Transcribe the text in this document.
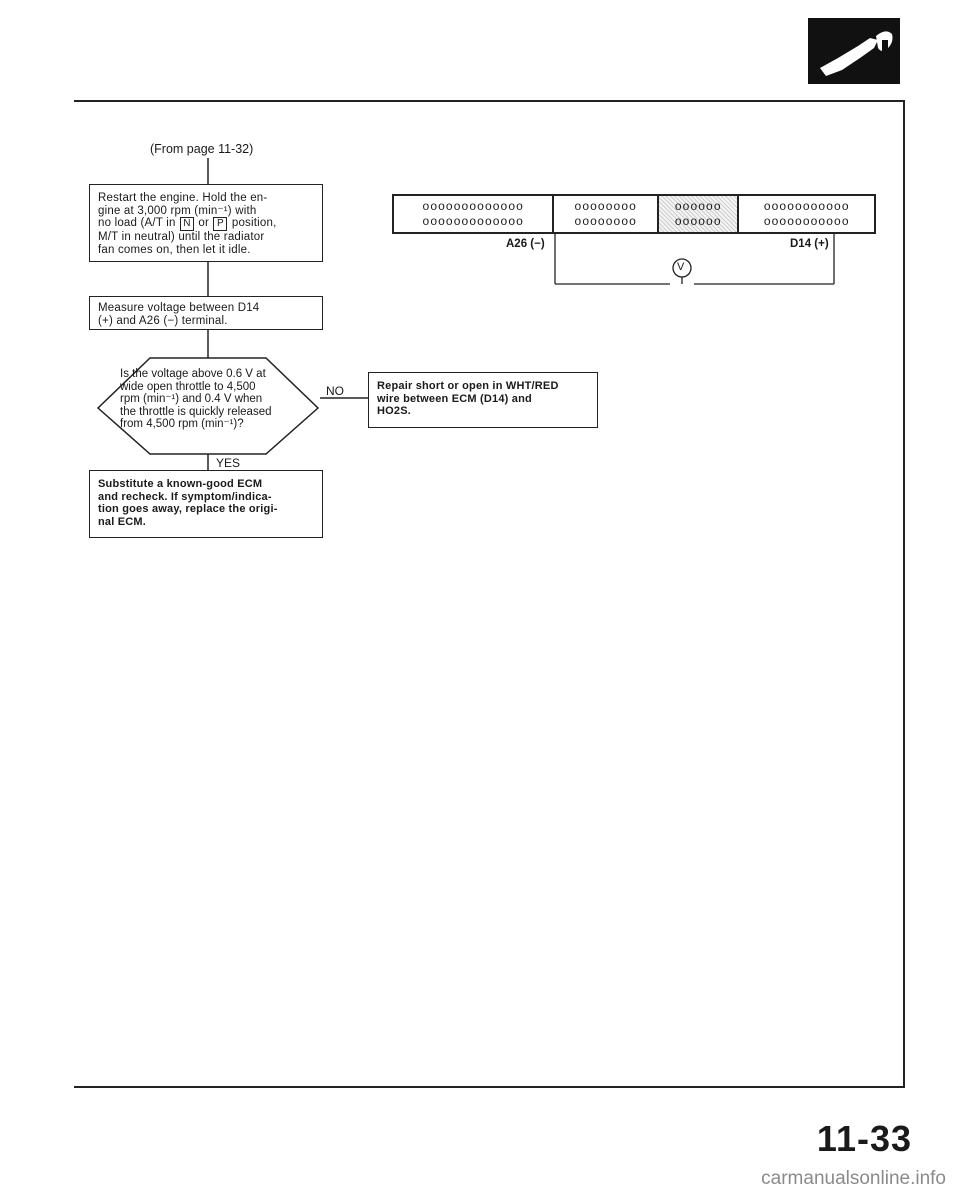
(From page 11-32)
Restart the engine. Hold the en-
gine at 3,000 rpm (min⁻¹) with
no load (A/T in N or P position,
M/T in neutral) until the radiator
fan comes on, then let it idle.
Measure voltage between D14
(+) and A26 (−) terminal.
Is the voltage above 0.6 V at
wide open throttle to 4,500
rpm (min⁻¹) and 0.4 V when
the throttle is quickly released
from 4,500 rpm (min⁻¹)?
NO
YES
Repair short or open in WHT/RED
wire between ECM (D14) and
HO2S.
Substitute a known-good ECM
and recheck. If symptom/indica-
tion goes away, replace the origi-
nal ECM.
ooooooooooooo
ooooooooooooo
oooooooo
oooooooo
oooooo
oooooo
ooooooooooo
ooooooooooo
A26 (−)	D14 (+)
V
11-33
carmanualsonline.info
